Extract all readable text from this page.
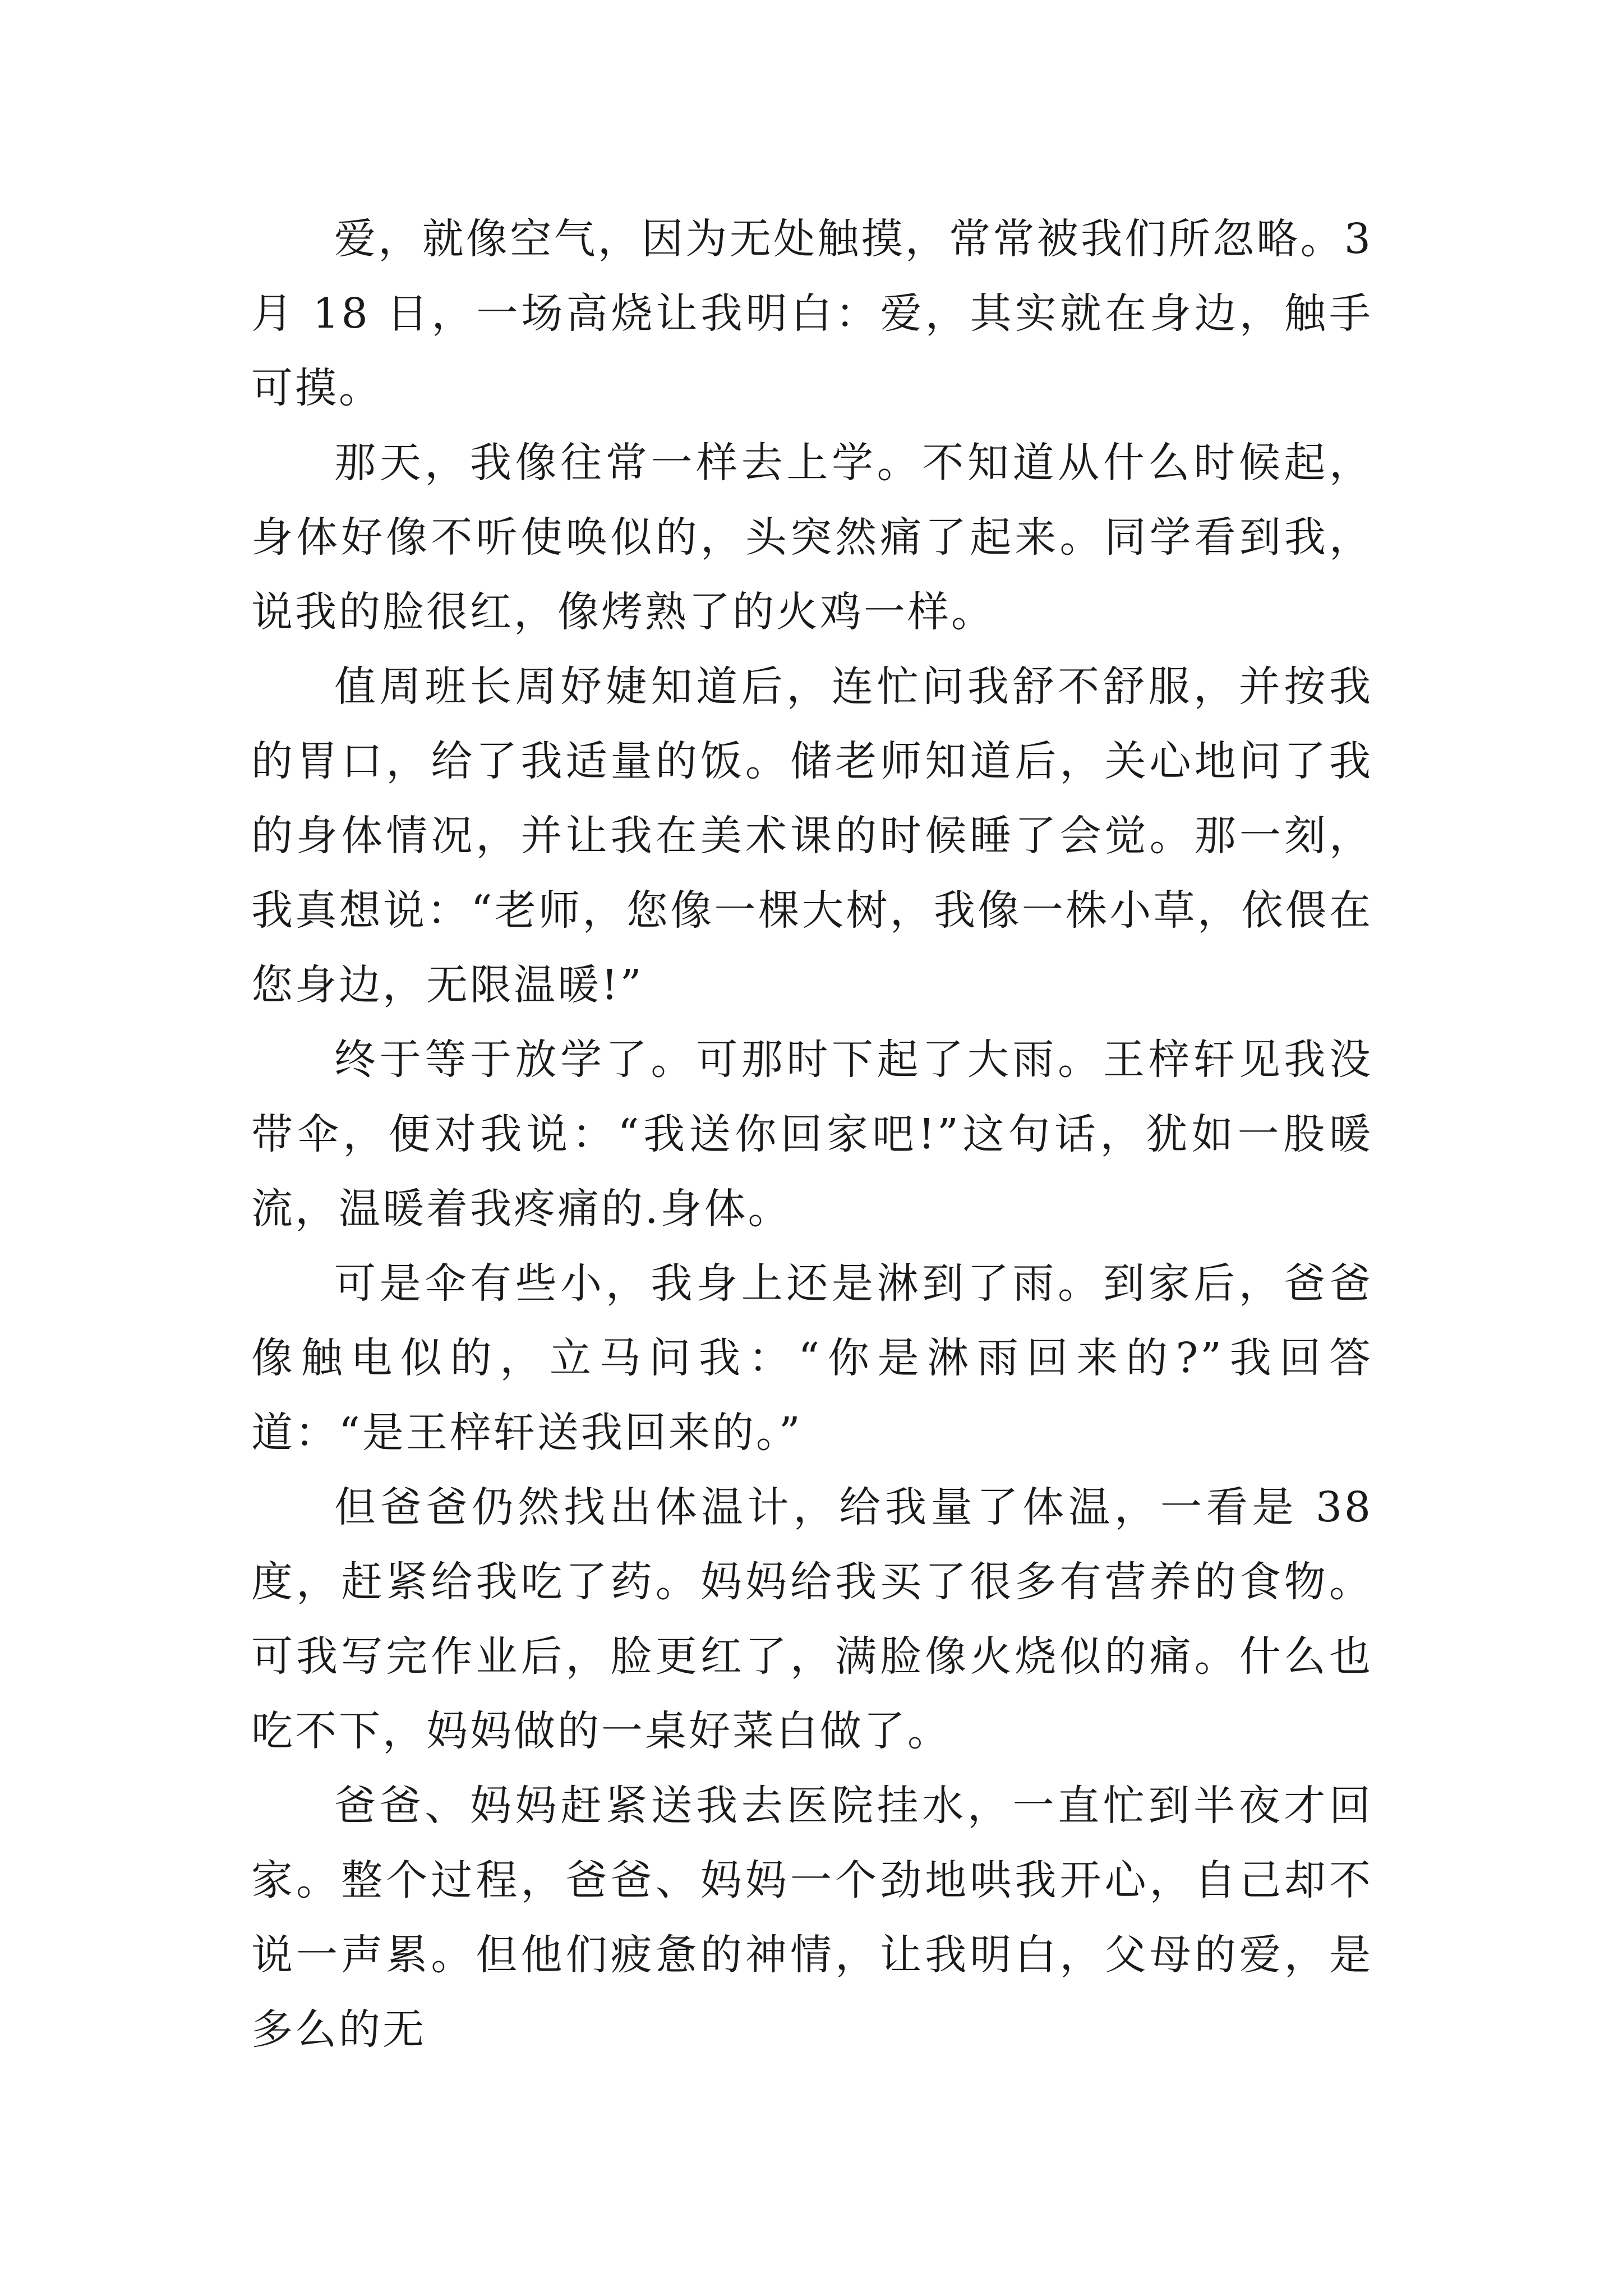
爱，就像空气，因为无处触摸，常常被我们所忽略。3月 18 日，一场高烧让我明白：爱，其实就在身边，触手可摸。

那天，我像往常一样去上学。不知道从什么时候起，身体好像不听使唤似的，头突然痛了起来。同学看到我，说我的脸很红，像烤熟了的火鸡一样。

值周班长周妤婕知道后，连忙问我舒不舒服，并按我的胃口，给了我适量的饭。储老师知道后，关心地问了我的身体情况，并让我在美术课的时候睡了会觉。那一刻，我真想说：“老师，您像一棵大树，我像一株小草，依偎在您身边，无限温暖!”

终于等于放学了。可那时下起了大雨。王梓轩见我没带伞，便对我说：“我送你回家吧!”这句话，犹如一股暖流，温暖着我疼痛的.身体。

可是伞有些小，我身上还是淋到了雨。到家后，爸爸像触电似的，立马问我：“你是淋雨回来的?”我回答道：“是王梓轩送我回来的。”

但爸爸仍然找出体温计，给我量了体温，一看是 38 度，赶紧给我吃了药。妈妈给我买了很多有营养的食物。可我写完作业后，脸更红了，满脸像火烧似的痛。什么也吃不下，妈妈做的一桌好菜白做了。

爸爸、妈妈赶紧送我去医院挂水，一直忙到半夜才回家。整个过程，爸爸、妈妈一个劲地哄我开心，自己却不说一声累。但他们疲惫的神情，让我明白，父母的爱，是多么的无
